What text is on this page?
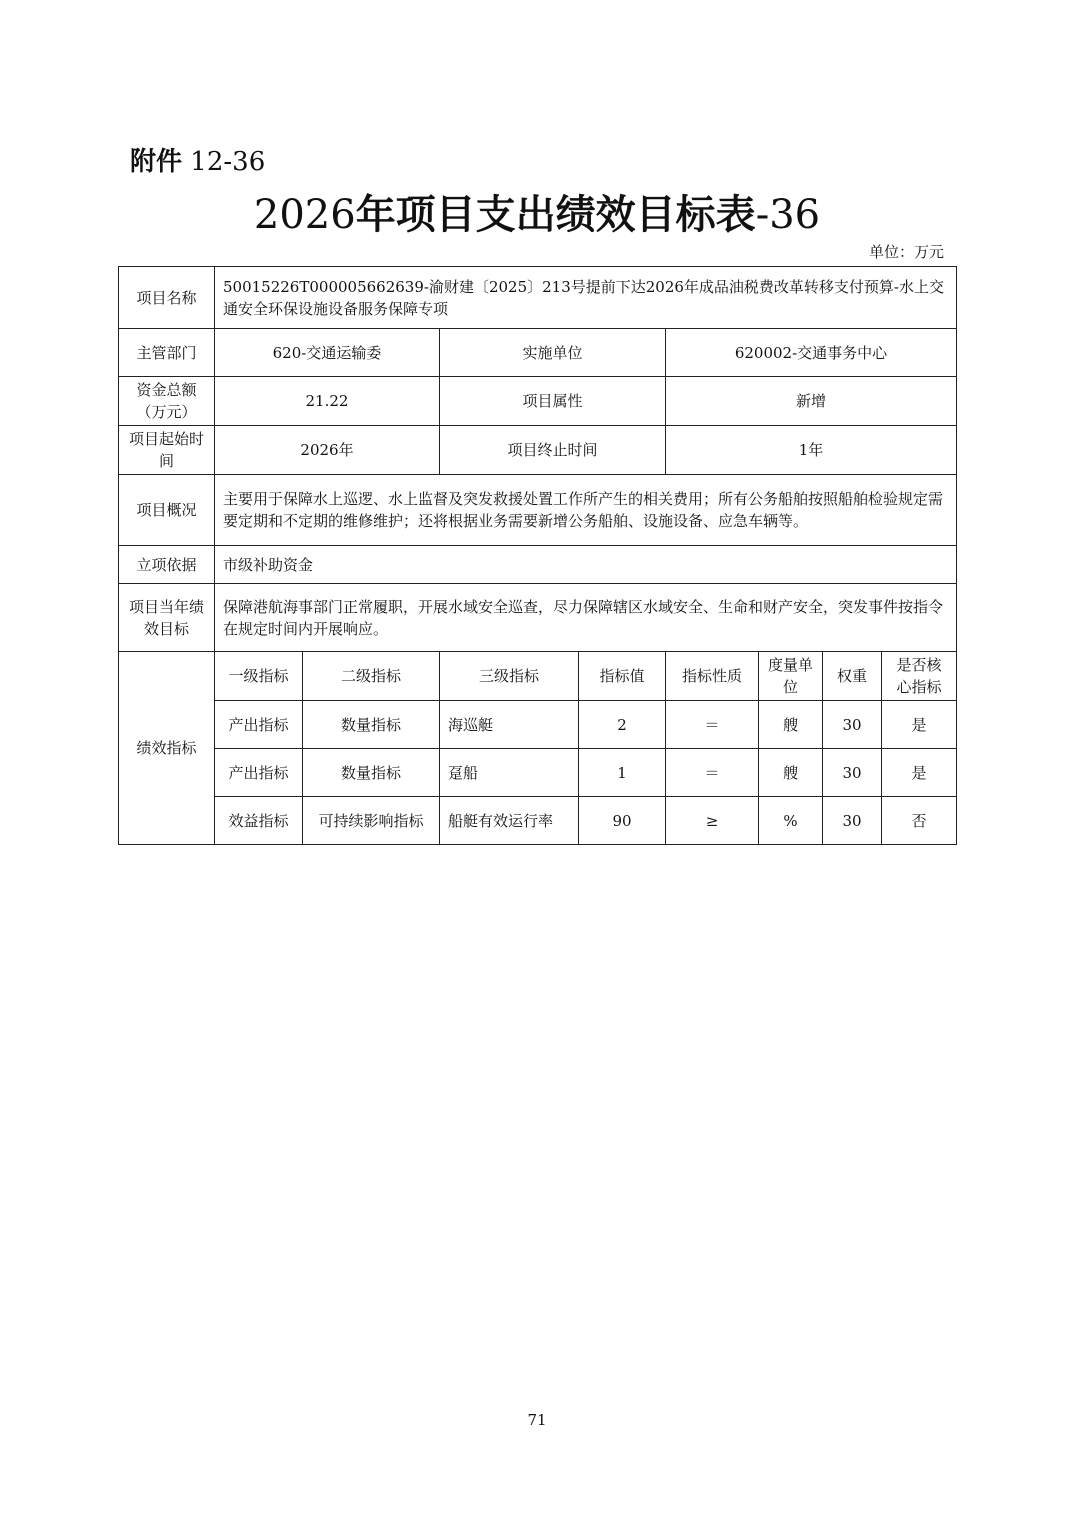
附件 12-36
2026年项目支出绩效目标表-36
单位：万元
项目名称	50015226T000005662639-渝财建〔2025〕213号提前下达2026年成品油税费改革转移支付预算-水上交通安全环保设施设备服务保障专项							
主管部门	620-交通运输委		实施单位		620002-交通事务中心			
资金总额（万元）	21.22		项目属性		新增			
项目起始时间	2026年		项目终止时间		1年			
项目概况	主要用于保障水上巡逻、水上监督及突发救援处置工作所产生的相关费用；所有公务船舶按照船舶检验规定需要定期和不定期的维修维护；还将根据业务需要新增公务船舶、设施设备、应急车辆等。							
立项依据	市级补助资金							
项目当年绩效目标	保障港航海事部门正常履职，开展水域安全巡查，尽力保障辖区水域安全、生命和财产安全，突发事件按指令在规定时间内开展响应。							
绩效指标	一级指标	二级指标	三级指标	指标值	指标性质	度量单位	权重	是否核心指标
	产出指标	数量指标	海巡艇	2	＝	艘	30	是
	产出指标	数量指标	趸船	1	＝	艘	30	是
	效益指标	可持续影响指标	船艇有效运行率	90	≥	%	30	否
71
